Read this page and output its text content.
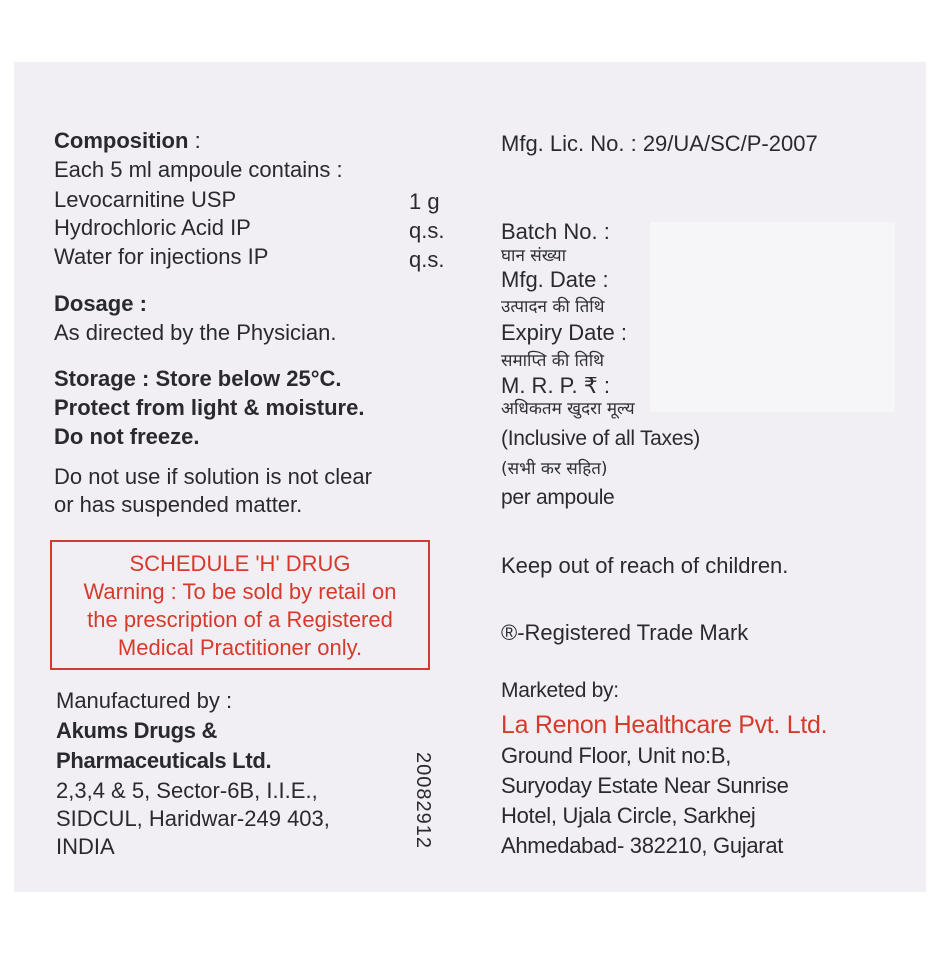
Composition :
Each 5 ml ampoule contains :
Levocarnitine USP	1 g
Hydrochloric Acid IP	q.s.
Water for injections IP	q.s.
Dosage :
As directed by the Physician.
Storage : Store below 25°C.
Protect from light & moisture.
Do not freeze.
Do not use if solution is not clear
or has suspended matter.
SCHEDULE 'H' DRUG
Warning : To be sold by retail on
the prescription of a Registered
Medical Practitioner only.
Manufactured by :
Akums Drugs &
Pharmaceuticals Ltd.
2,3,4 & 5, Sector-6B, I.I.E.,
SIDCUL, Haridwar-249 403,
INDIA	20082912
Mfg. Lic. No. : 29/UA/SC/P-2007
Batch No. :
घान संख्या
Mfg. Date :
उत्पादन की तिथि
Expiry Date :
समाप्ति की तिथि
M. R. P. ₹ :
अधिकतम खुदरा मूल्य
(Inclusive of all Taxes)
(सभी कर सहित)
per ampoule
Keep out of reach of children.
®-Registered Trade Mark
Marketed by:
La Renon Healthcare Pvt. Ltd.
Ground Floor, Unit no:B,
Suryoday Estate Near Sunrise
Hotel, Ujala Circle, Sarkhej
Ahmedabad- 382210, Gujarat
